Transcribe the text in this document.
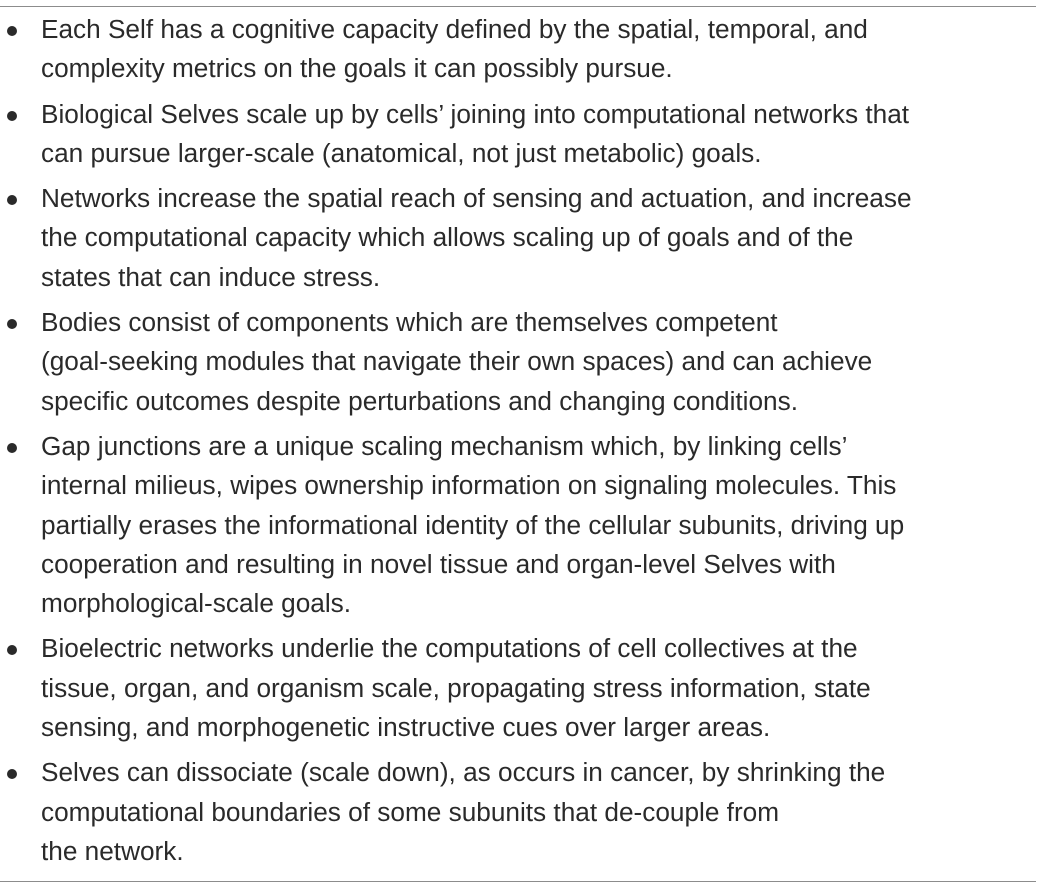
Each Self has a cognitive capacity defined by the spatial, temporal, and
complexity metrics on the goals it can possibly pursue.
Biological Selves scale up by cells’ joining into computational networks that
can pursue larger-scale (anatomical, not just metabolic) goals.
Networks increase the spatial reach of sensing and actuation, and increase
the computational capacity which allows scaling up of goals and of the
states that can induce stress.
Bodies consist of components which are themselves competent
(goal-seeking modules that navigate their own spaces) and can achieve
specific outcomes despite perturbations and changing conditions.
Gap junctions are a unique scaling mechanism which, by linking cells’
internal milieus, wipes ownership information on signaling molecules. This
partially erases the informational identity of the cellular subunits, driving up
cooperation and resulting in novel tissue and organ-level Selves with
morphological-scale goals.
Bioelectric networks underlie the computations of cell collectives at the
tissue, organ, and organism scale, propagating stress information, state
sensing, and morphogenetic instructive cues over larger areas.
Selves can dissociate (scale down), as occurs in cancer, by shrinking the
computational boundaries of some subunits that de-couple from
the network.
